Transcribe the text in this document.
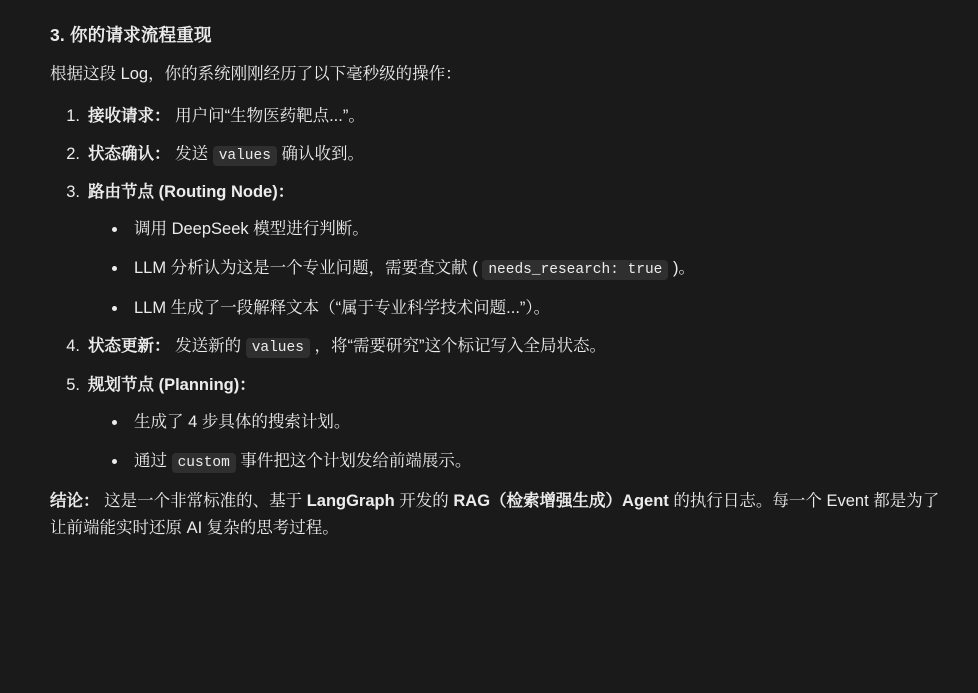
3. 你的请求流程重现

根据这段 Log，你的系统刚刚经历了以下毫秒级的操作：

1. 接收请求： 用户问“生物医药靶点...”。
2. 状态确认： 发送 values 确认收到。
3. 路由节点 (Routing Node)：
调用 DeepSeek 模型进行判断。
LLM 分析认为这是一个专业问题，需要查文献 ( needs_research: true )。
LLM 生成了一段解释文本（“属于专业科学技术问题...”）。
4. 状态更新： 发送新的 values ，将“需要研究”这个标记写入全局状态。
5. 规划节点 (Planning)：
生成了 4 步具体的搜索计划。
通过 custom 事件把这个计划发给前端展示。

结论： 这是一个非常标准的、基于 LangGraph 开发的 RAG（检索增强生成）Agent 的执行日志。每一个 Event 都是为了让前端能实时还原 AI 复杂的思考过程。
